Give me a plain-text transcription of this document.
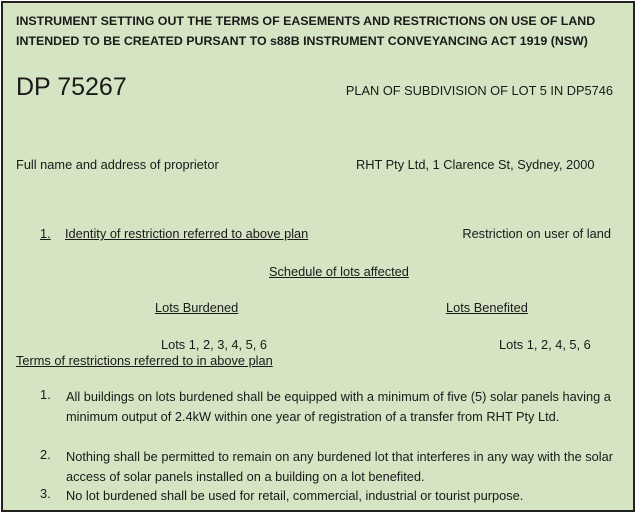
INSTRUMENT SETTING OUT THE TERMS OF EASEMENTS AND RESTRICTIONS ON USE OF LAND
INTENDED TO BE CREATED PURSANT TO s88B INSTRUMENT CONVEYANCING ACT 1919 (NSW)
DP 75267	PLAN OF SUBDIVISION OF LOT 5 IN DP5746
Full name and address of proprietor	RHT Pty Ltd, 1 Clarence St, Sydney, 2000
1. Identity of restriction referred to above plan	Restriction on user of land
Schedule of lots affected
Lots Burdened	Lots Benefited
Lots 1, 2, 3, 4, 5, 6	Lots 1, 2, 4, 5, 6
Terms of restrictions referred to in above plan
1. All buildings on lots burdened shall be equipped with a minimum of five (5) solar panels having a minimum output of 2.4kW within one year of registration of a transfer from RHT Pty Ltd.
2. Nothing shall be permitted to remain on any burdened lot that interferes in any way with the solar access of solar panels installed on a building on a lot benefited.
3. No lot burdened shall be used for retail, commercial, industrial or tourist purpose.
